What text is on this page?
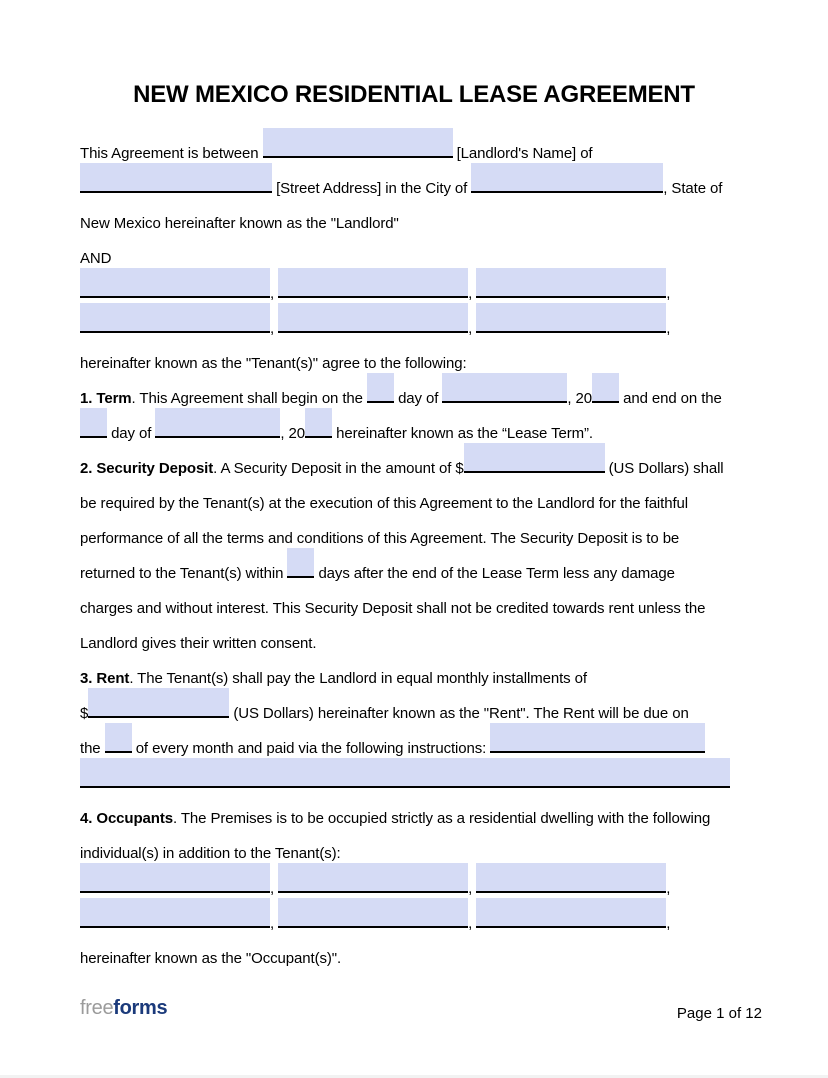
NEW MEXICO RESIDENTIAL LEASE AGREEMENT
This Agreement is between	[Landlord's Name] of
[Street Address] in the City of	, State of
New Mexico hereinafter known as the "Landlord"
AND
,	,	,
,	,	,
hereinafter known as the "Tenant(s)" agree to the following:
1. Term. This Agreement shall begin on the  day of	, 20 and end on the
day of	, 20 hereinafter known as the “Lease Term”.
2. Security Deposit. A Security Deposit in the amount of $	(US Dollars) shall
be required by the Tenant(s) at the execution of this Agreement to the Landlord for the faithful
performance of all the terms and conditions of this Agreement. The Security Deposit is to be
returned to the Tenant(s) within  days after the end of the Lease Term less any damage
charges and without interest. This Security Deposit shall not be credited towards rent unless the
Landlord gives their written consent.
3. Rent. The Tenant(s) shall pay the Landlord in equal monthly installments of
$	(US Dollars) hereinafter known as the "Rent". The Rent will be due on
the  of every month and paid via the following instructions:
4. Occupants. The Premises is to be occupied strictly as a residential dwelling with the following
individual(s) in addition to the Tenant(s):
,	,	,
,	,	,
hereinafter known as the "Occupant(s)".
freeforms	Page 1 of 12
